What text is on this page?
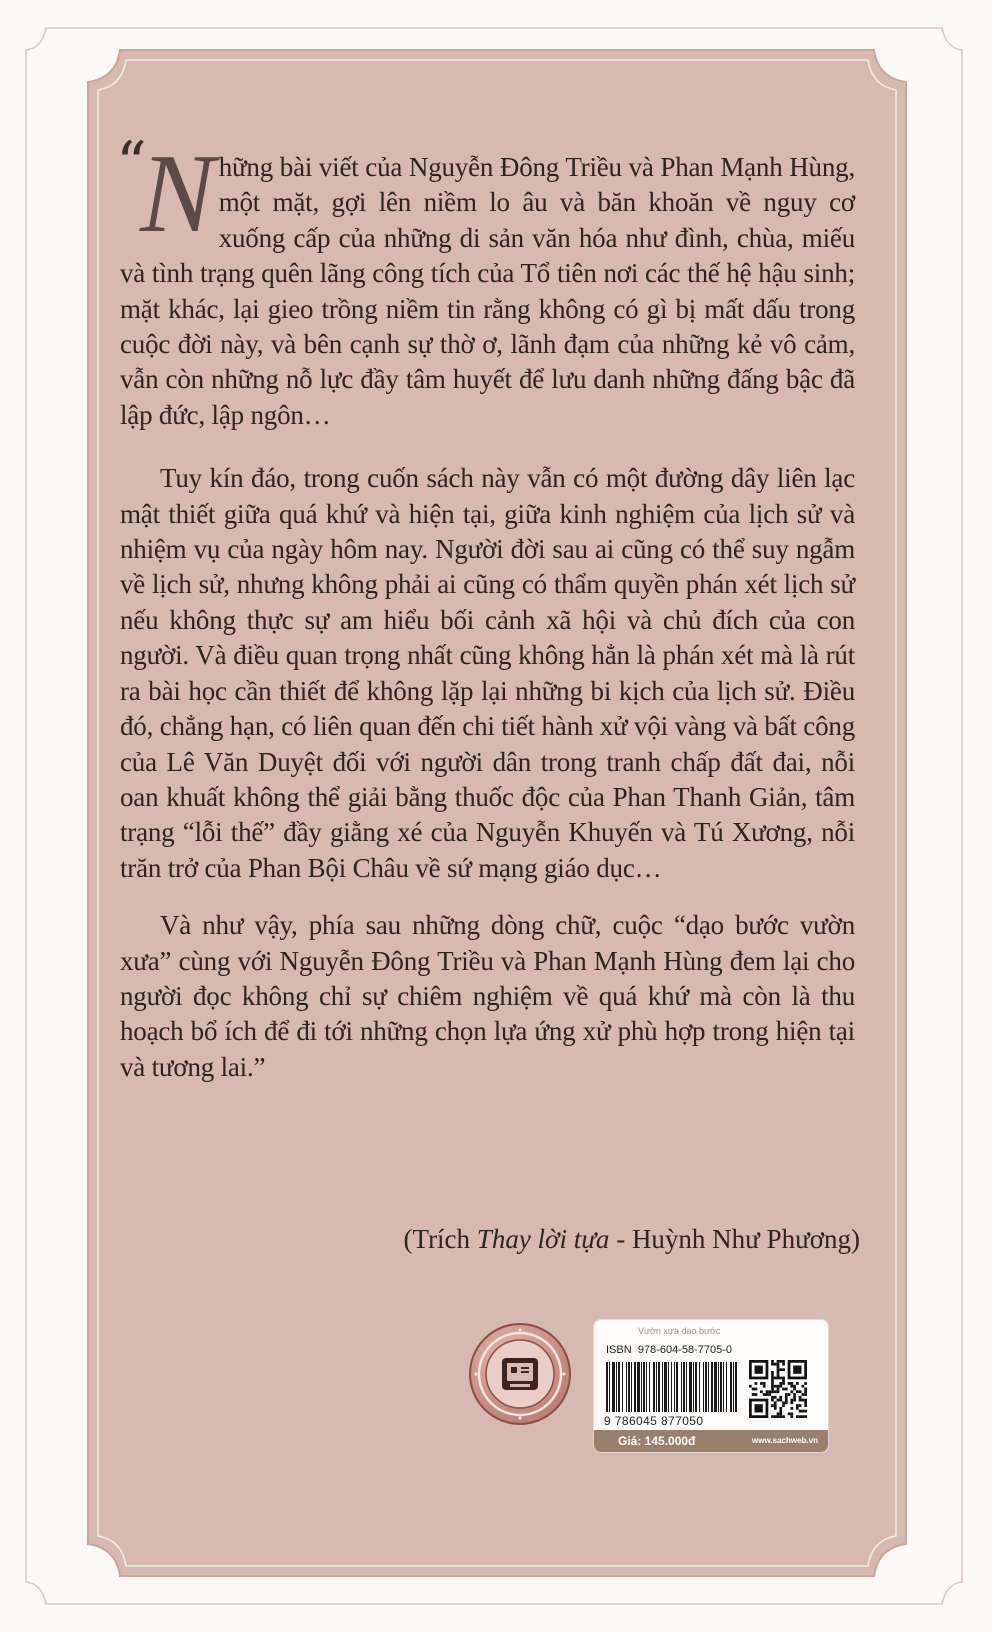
“
N hững bài viết của Nguyễn Đông Triều và Phan Mạnh Hùng, một mặt, gợi lên niềm lo âu và băn khoăn về nguy cơ xuống cấp của những di sản văn hóa như đình, chùa, miếu và tình trạng quên lãng công tích của Tổ tiên nơi các thế hệ hậu sinh; mặt khác, lại gieo trồng niềm tin rằng không có gì bị mất dấu trong cuộc đời này, và bên cạnh sự thờ ơ, lãnh đạm của những kẻ vô cảm, vẫn còn những nỗ lực đầy tâm huyết để lưu danh những đấng bậc đã lập đức, lập ngôn…

Tuy kín đáo, trong cuốn sách này vẫn có một đường dây liên lạc mật thiết giữa quá khứ và hiện tại, giữa kinh nghiệm của lịch sử và nhiệm vụ của ngày hôm nay. Người đời sau ai cũng có thể suy ngẫm về lịch sử, nhưng không phải ai cũng có thẩm quyền phán xét lịch sử nếu không thực sự am hiểu bối cảnh xã hội và chủ đích của con người. Và điều quan trọng nhất cũng không hẳn là phán xét mà là rút ra bài học cần thiết để không lặp lại những bi kịch của lịch sử. Điều đó, chẳng hạn, có liên quan đến chi tiết hành xử vội vàng và bất công của Lê Văn Duyệt đối với người dân trong tranh chấp đất đai, nỗi oan khuất không thể giải bằng thuốc độc của Phan Thanh Giản, tâm trạng “lỗi thế” đầy giằng xé của Nguyễn Khuyến và Tú Xương, nỗi trăn trở của Phan Bội Châu về sứ mạng giáo dục…

Và như vậy, phía sau những dòng chữ, cuộc “dạo bước vườn xưa” cùng với Nguyễn Đông Triều và Phan Mạnh Hùng đem lại cho người đọc không chỉ sự chiêm nghiệm về quá khứ mà còn là thu hoạch bổ ích để đi tới những chọn lựa ứng xử phù hợp trong hiện tại và tương lai.”

(Trích Thay lời tựa - Huỳnh Như Phương)
Vườn xưa dạo bước
ISBN 978-604-58-7705-0
9 786045 877050
Giá: 145.000đ	www.sachweb.vn
